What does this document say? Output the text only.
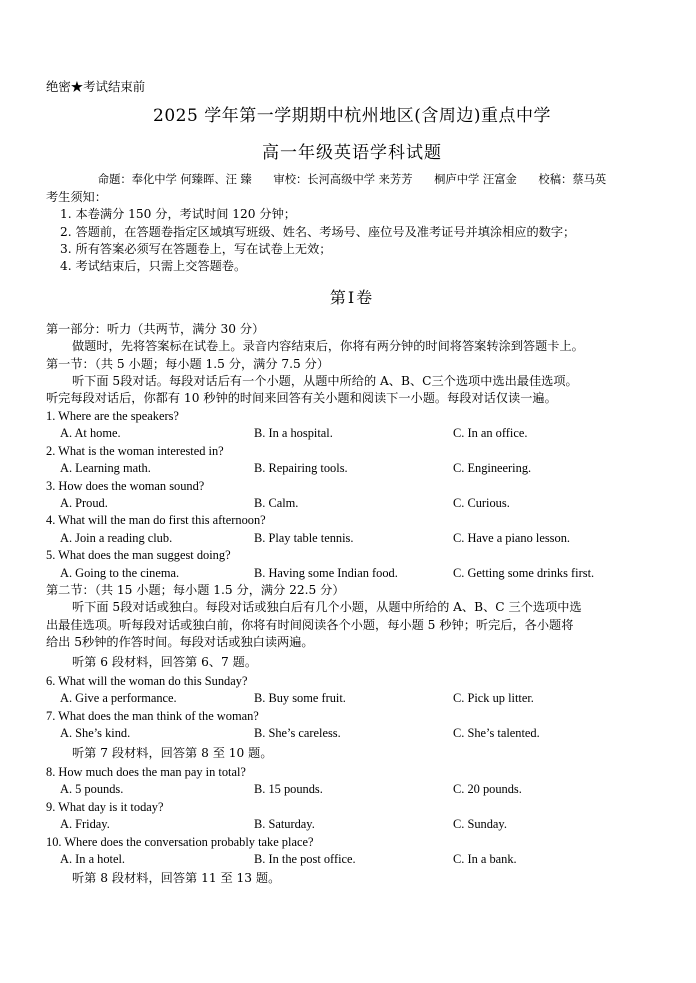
绝密★考试结束前
2025 学年第一学期期中杭州地区(含周边)重点中学
高一年级英语学科试题
命题：奉化中学 何臻晖、汪 臻 审校：长河高级中学 来芳芳 桐庐中学 汪富金 校稿：蔡马英
考生须知：
1. 本卷满分 150 分，考试时间 120 分钟；
2. 答题前，在答题卷指定区域填写班级、姓名、考场号、座位号及准考证号并填涂相应的数字；
3. 所有答案必须写在答题卷上，写在试卷上无效；
4. 考试结束后，只需上交答题卷。
第Ⅰ卷
第一部分：听力（共两节，满分 30 分）

做题时，先将答案标在试卷上。录音内容结束后，你将有两分钟的时间将答案转涂到答题卡上。

第一节：（共 5 小题；每小题 1.5 分，满分 7.5 分）

听下面 5段对话。每段对话后有一个小题，从题中所给的 A、B、C三个选项中选出最佳选项。

听完每段对话后，你都有 10 秒钟的时间来回答有关小题和阅读下一小题。每段对话仅读一遍。

1. Where are the speakers?
A. At home.	B. In a hospital.	C. In an office.
2. What is the woman interested in?
A. Learning math.	B. Repairing tools.	C. Engineering.
3. How does the woman sound?
A. Proud.	B. Calm.	C. Curious.
4. What will the man do first this afternoon?
A. Join a reading club.	B. Play table tennis.	C. Have a piano lesson.
5. What does the man suggest doing?
A. Going to the cinema.	B. Having some Indian food.	C. Getting some drinks first.
第二节：（共 15 小题；每小题 1.5 分，满分 22.5 分）

听下面 5段对话或独白。每段对话或独白后有几个小题，从题中所给的 A、B、C 三个选项中选

出最佳选项。听每段对话或独白前，你将有时间阅读各个小题，每小题 5 秒钟；听完后，各小题将

给出 5秒钟的作答时间。每段对话或独白读两遍。

听第 6 段材料，回答第 6、7 题。
6. What will the woman do this Sunday?
A. Give a performance.	B. Buy some fruit.	C. Pick up litter.
7. What does the man think of the woman?
A. She’s kind.	B. She’s careless.	C. She’s talented.
听第 7 段材料，回答第 8 至 10 题。
8. How much does the man pay in total?
A. 5 pounds.	B. 15 pounds.	C. 20 pounds.
9. What day is it today?
A. Friday.	B. Saturday.	C. Sunday.
10. Where does the conversation probably take place?
A. In a hotel.	B. In the post office.	C. In a bank.
听第 8 段材料，回答第 11 至 13 题。
